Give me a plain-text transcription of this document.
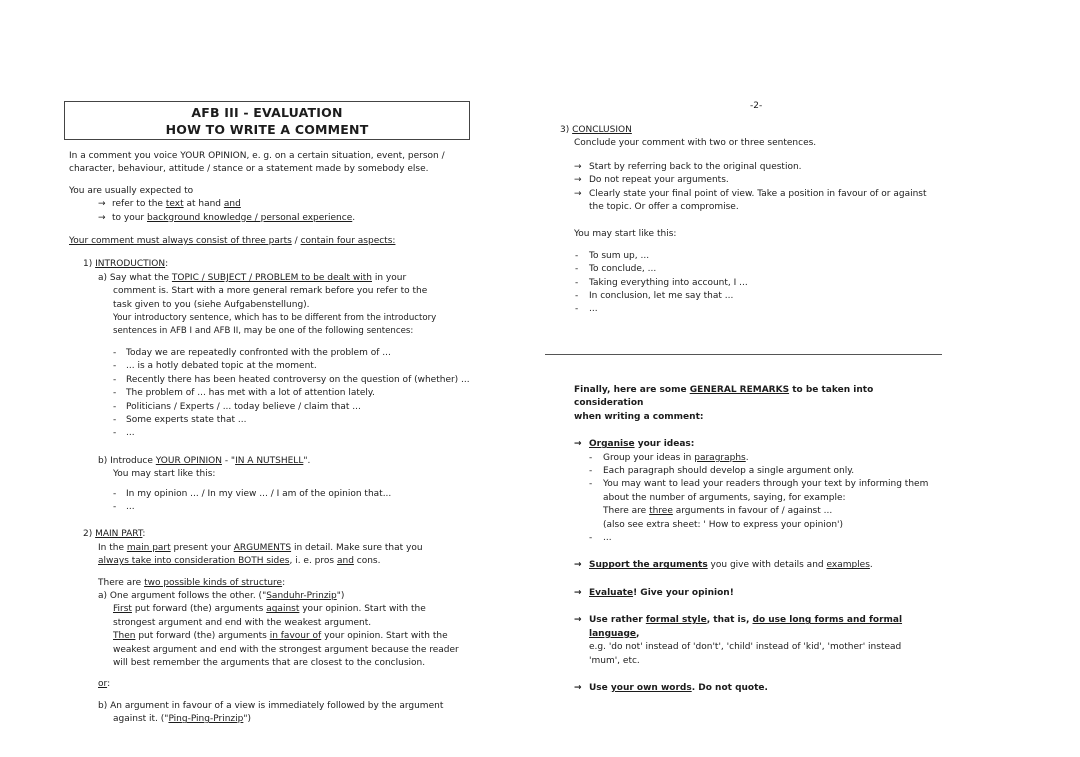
AFB III - EVALUATION
HOW TO WRITE A COMMENT
-2-

In a comment you voice YOUR OPINION, e. g. on a certain situation, event, person /

character, behaviour, attitude / stance or a statement made by somebody else.

You are usually expected to

→ refer to the text at hand and
→ to your background knowledge / personal experience.

Your comment must always consist of three parts / contain four aspects:

1) INTRODUCTION:

a) Say what the TOPIC / SUBJECT / PROBLEM to be dealt with in your

comment is. Start with a more general remark before you refer to the

task given to you (siehe Aufgabenstellung).

Your introductory sentence, which has to be different from the introductory

sentences in AFB I and AFB II, may be one of the following sentences:

-	Today we are repeatedly confronted with the problem of ...
-	... is a hotly debated topic at the moment.
-	Recently there has been heated controversy on the question of (whether) ...
-	The problem of ... has met with a lot of attention lately.
-	Politicians / Experts / ... today believe / claim that ...
-	Some experts state that ...
-	...

b) Introduce YOUR OPINION - "IN A NUTSHELL".

You may start like this:

-	In my opinion ... / In my view ... / I am of the opinion that...
-	...

2) MAIN PART:

In the main part present your ARGUMENTS in detail. Make sure that you

always take into consideration BOTH sides, i. e. pros and cons.

There are two possible kinds of structure:

a) One argument follows the other. ("Sanduhr-Prinzip")

First put forward (the) arguments against your opinion. Start with the

strongest argument and end with the weakest argument.

Then put forward (the) arguments in favour of your opinion. Start with the

weakest argument and end with the strongest argument because the reader

will best remember the arguments that are closest to the conclusion.

or:

b) An argument in favour of a view is immediately followed by the argument

against it. ("Ping-Ping-Prinzip")

3) CONCLUSION

Conclude your comment with two or three sentences.

→ Start by referring back to the original question.
→ Do not repeat your arguments.
→ Clearly state your final point of view. Take a position in favour of or against

the topic. Or offer a compromise.

You may start like this:

-	To sum up, ...
-	To conclude, ...
-	Taking everything into account, I ...
-	In conclusion, let me say that ...
-	...

Finally, here are some GENERAL REMARKS to be taken into consideration

when writing a comment:

→ Organise your ideas:
-	Group your ideas in paragraphs.
-	Each paragraph should develop a single argument only.
-	You may want to lead your readers through your text by informing them

about the number of arguments, saying, for example:

There are three arguments in favour of / against ...

(also see extra sheet: ' How to express your opinion')

-	...
→ Support the arguments you give with details and examples.
→ Evaluate! Give your opinion!
→ Use rather formal style, that is, do use long forms and formal language,

e.g. 'do not' instead of 'don't', 'child' instead of 'kid', 'mother' instead

'mum', etc.

→ Use your own words. Do not quote.
